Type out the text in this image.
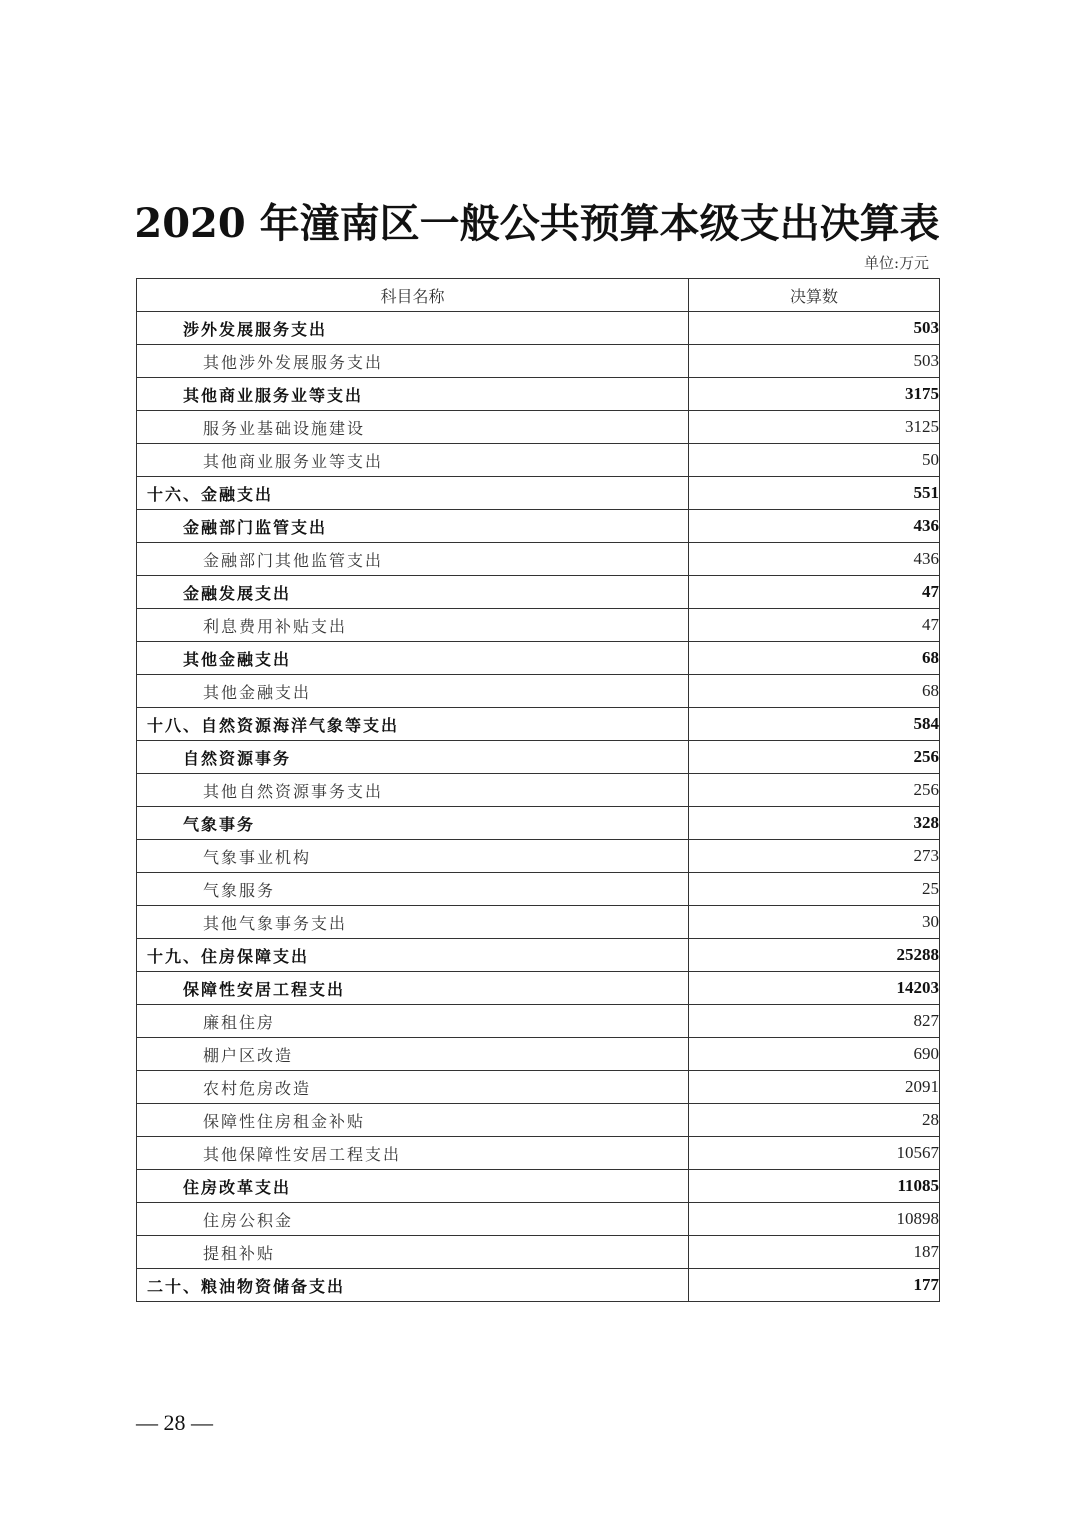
2020 年潼南区一般公共预算本级支出决算表
单位:万元
科目名称	决算数
涉外发展服务支出	503
其他涉外发展服务支出	503
其他商业服务业等支出	3175
服务业基础设施建设	3125
其他商业服务业等支出	50
十六、金融支出	551
金融部门监管支出	436
金融部门其他监管支出	436
金融发展支出	47
利息费用补贴支出	47
其他金融支出	68
其他金融支出	68
十八、自然资源海洋气象等支出	584
自然资源事务	256
其他自然资源事务支出	256
气象事务	328
气象事业机构	273
气象服务	25
其他气象事务支出	30
十九、住房保障支出	25288
保障性安居工程支出	14203
廉租住房	827
棚户区改造	690
农村危房改造	2091
保障性住房租金补贴	28
其他保障性安居工程支出	10567
住房改革支出	11085
住房公积金	10898
提租补贴	187
二十、粮油物资储备支出	177
— 28 —
